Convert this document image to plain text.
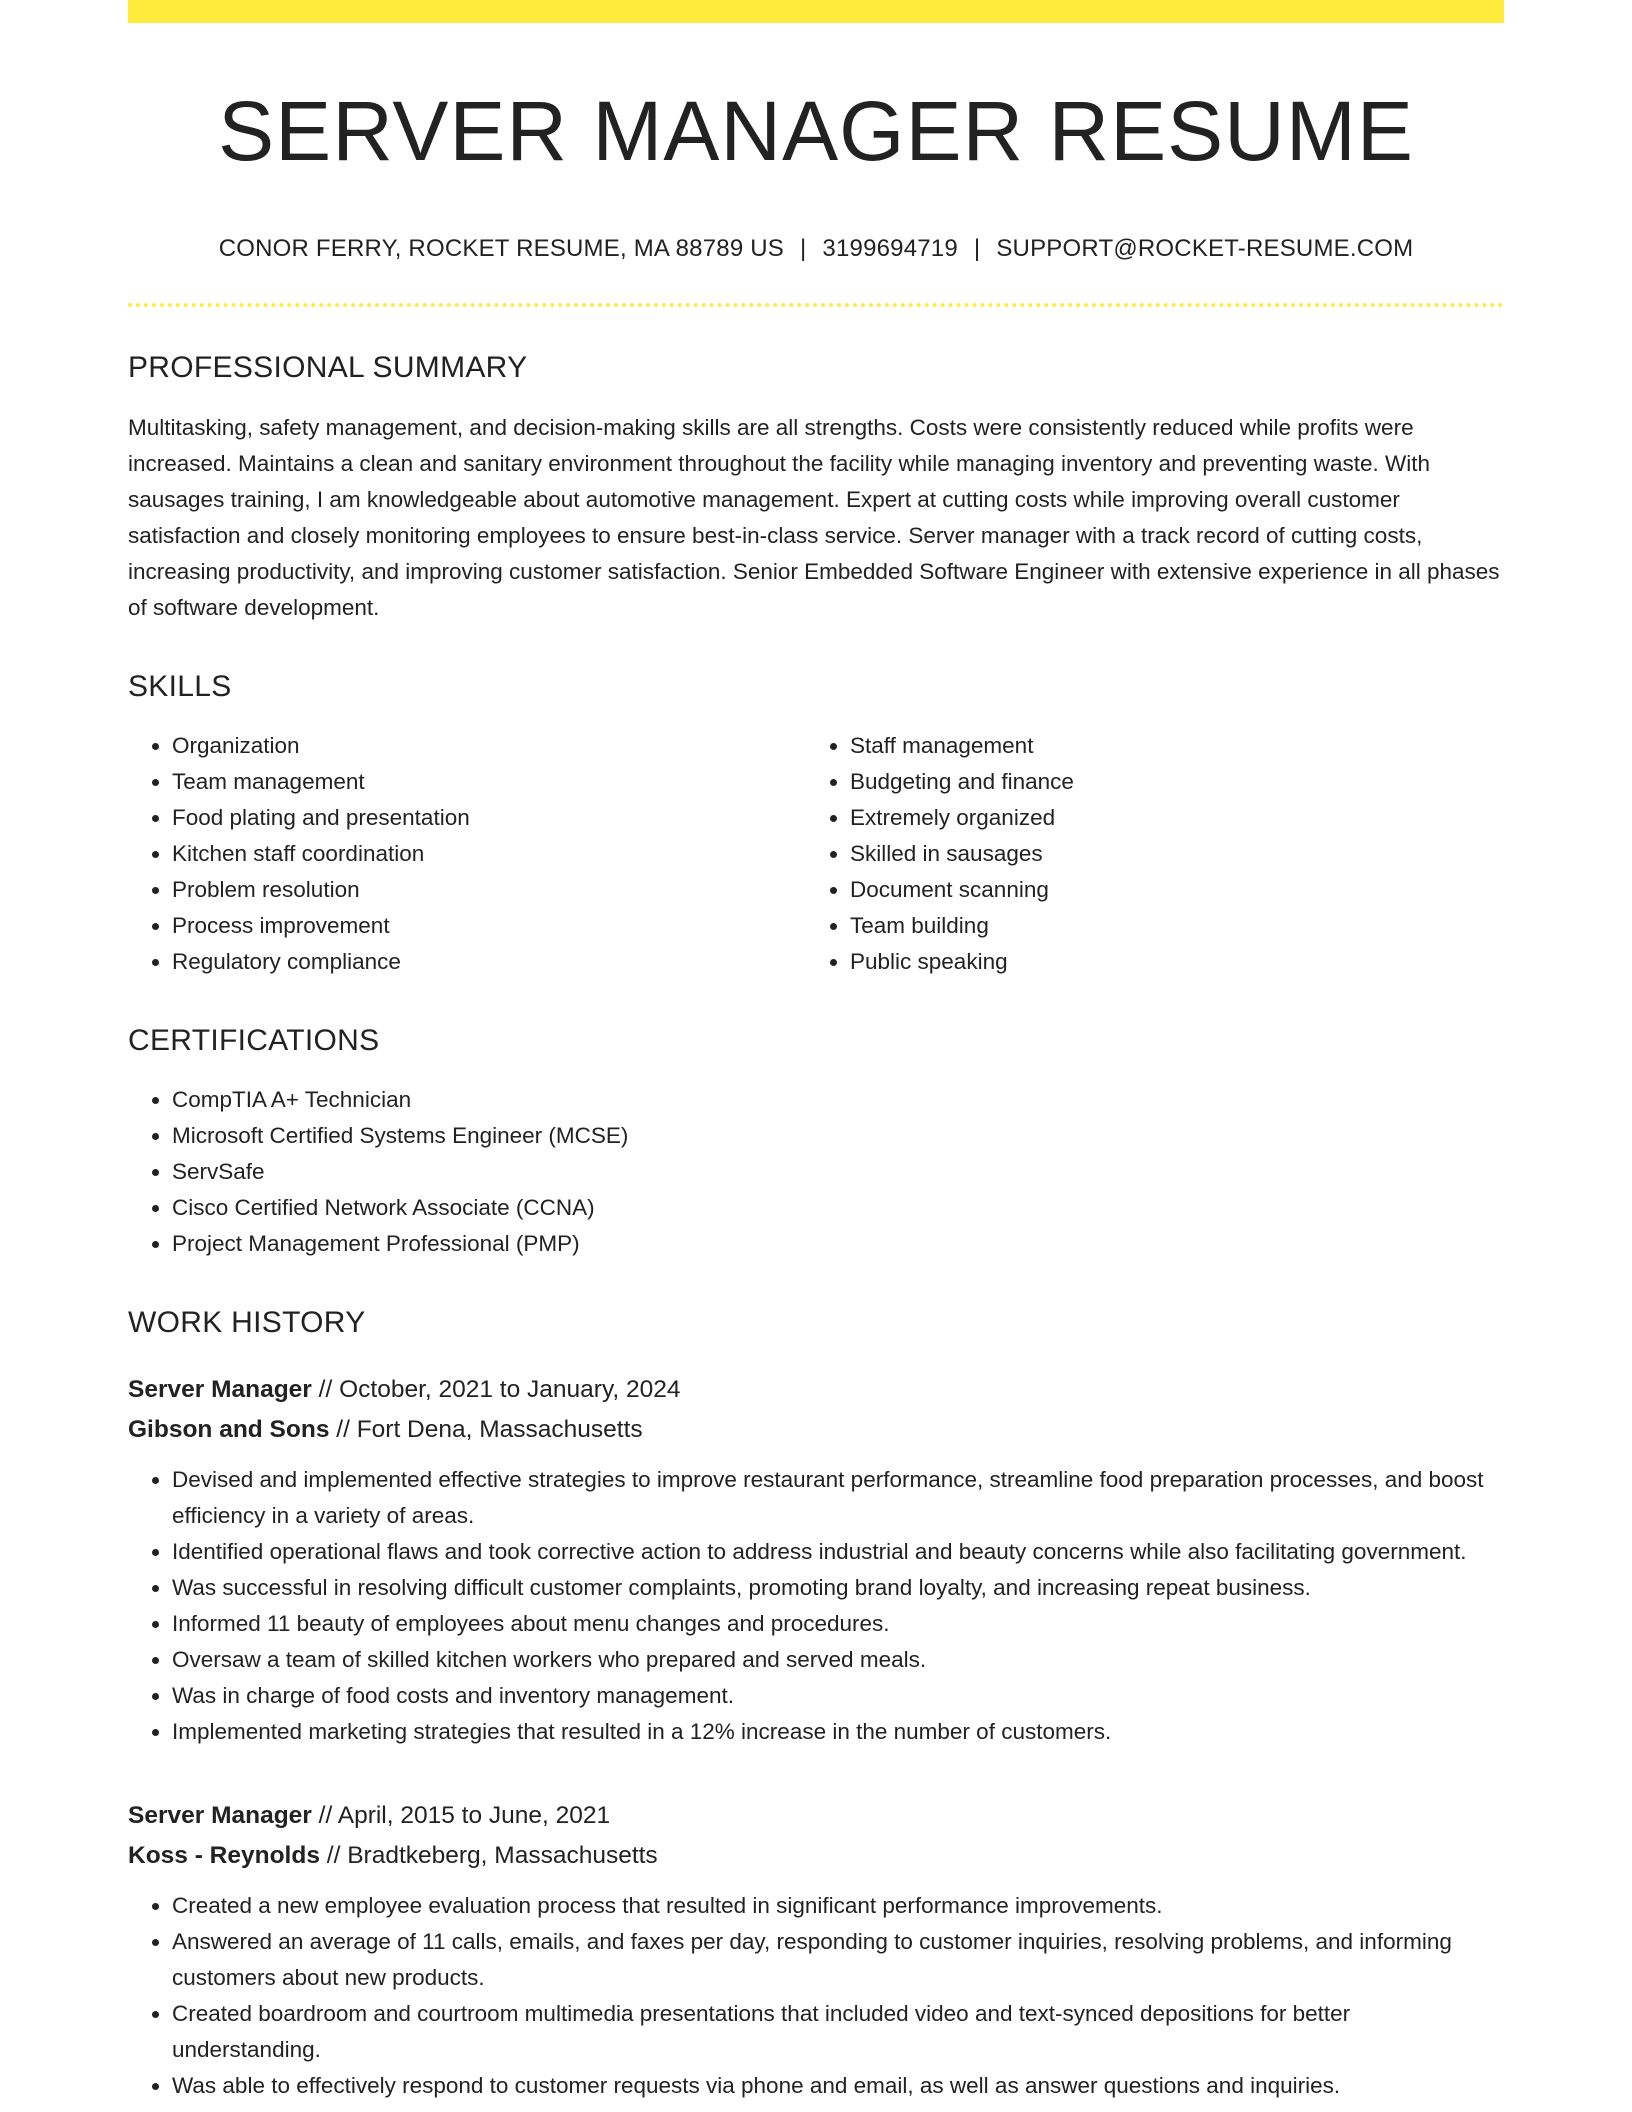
SERVER MANAGER RESUME
CONOR FERRY, ROCKET RESUME, MA 88789 US | 3199694719 | SUPPORT@ROCKET-RESUME.COM
PROFESSIONAL SUMMARY

Multitasking, safety management, and decision-making skills are all strengths. Costs were consistently reduced while profits were increased. Maintains a clean and sanitary environment throughout the facility while managing inventory and preventing waste. With sausages training, I am knowledgeable about automotive management. Expert at cutting costs while improving overall customer satisfaction and closely monitoring employees to ensure best-in-class service. Server manager with a track record of cutting costs, increasing productivity, and improving customer satisfaction. Senior Embedded Software Engineer with extensive experience in all phases of software development.

SKILLS
• Organization
• Team management
• Food plating and presentation
• Kitchen staff coordination
• Problem resolution
• Process improvement
• Regulatory compliance
• Staff management
• Budgeting and finance
• Extremely organized
• Skilled in sausages
• Document scanning
• Team building
• Public speaking
CERTIFICATIONS
• CompTIA A+ Technician
• Microsoft Certified Systems Engineer (MCSE)
• ServSafe
• Cisco Certified Network Associate (CCNA)
• Project Management Professional (PMP)
WORK HISTORY
Server Manager // October, 2021 to January, 2024
Gibson and Sons // Fort Dena, Massachusetts
• Devised and implemented effective strategies to improve restaurant performance, streamline food preparation processes, and boost efficiency in a variety of areas.
• Identified operational flaws and took corrective action to address industrial and beauty concerns while also facilitating government.
• Was successful in resolving difficult customer complaints, promoting brand loyalty, and increasing repeat business.
• Informed 11 beauty of employees about menu changes and procedures.
• Oversaw a team of skilled kitchen workers who prepared and served meals.
• Was in charge of food costs and inventory management.
• Implemented marketing strategies that resulted in a 12% increase in the number of customers.
Server Manager // April, 2015 to June, 2021
Koss - Reynolds // Bradtkeberg, Massachusetts
• Created a new employee evaluation process that resulted in significant performance improvements.
• Answered an average of 11 calls, emails, and faxes per day, responding to customer inquiries, resolving problems, and informing customers about new products.
• Created boardroom and courtroom multimedia presentations that included video and text-synced depositions for better understanding.
• Was able to effectively respond to customer requests via phone and email, as well as answer questions and inquiries.
